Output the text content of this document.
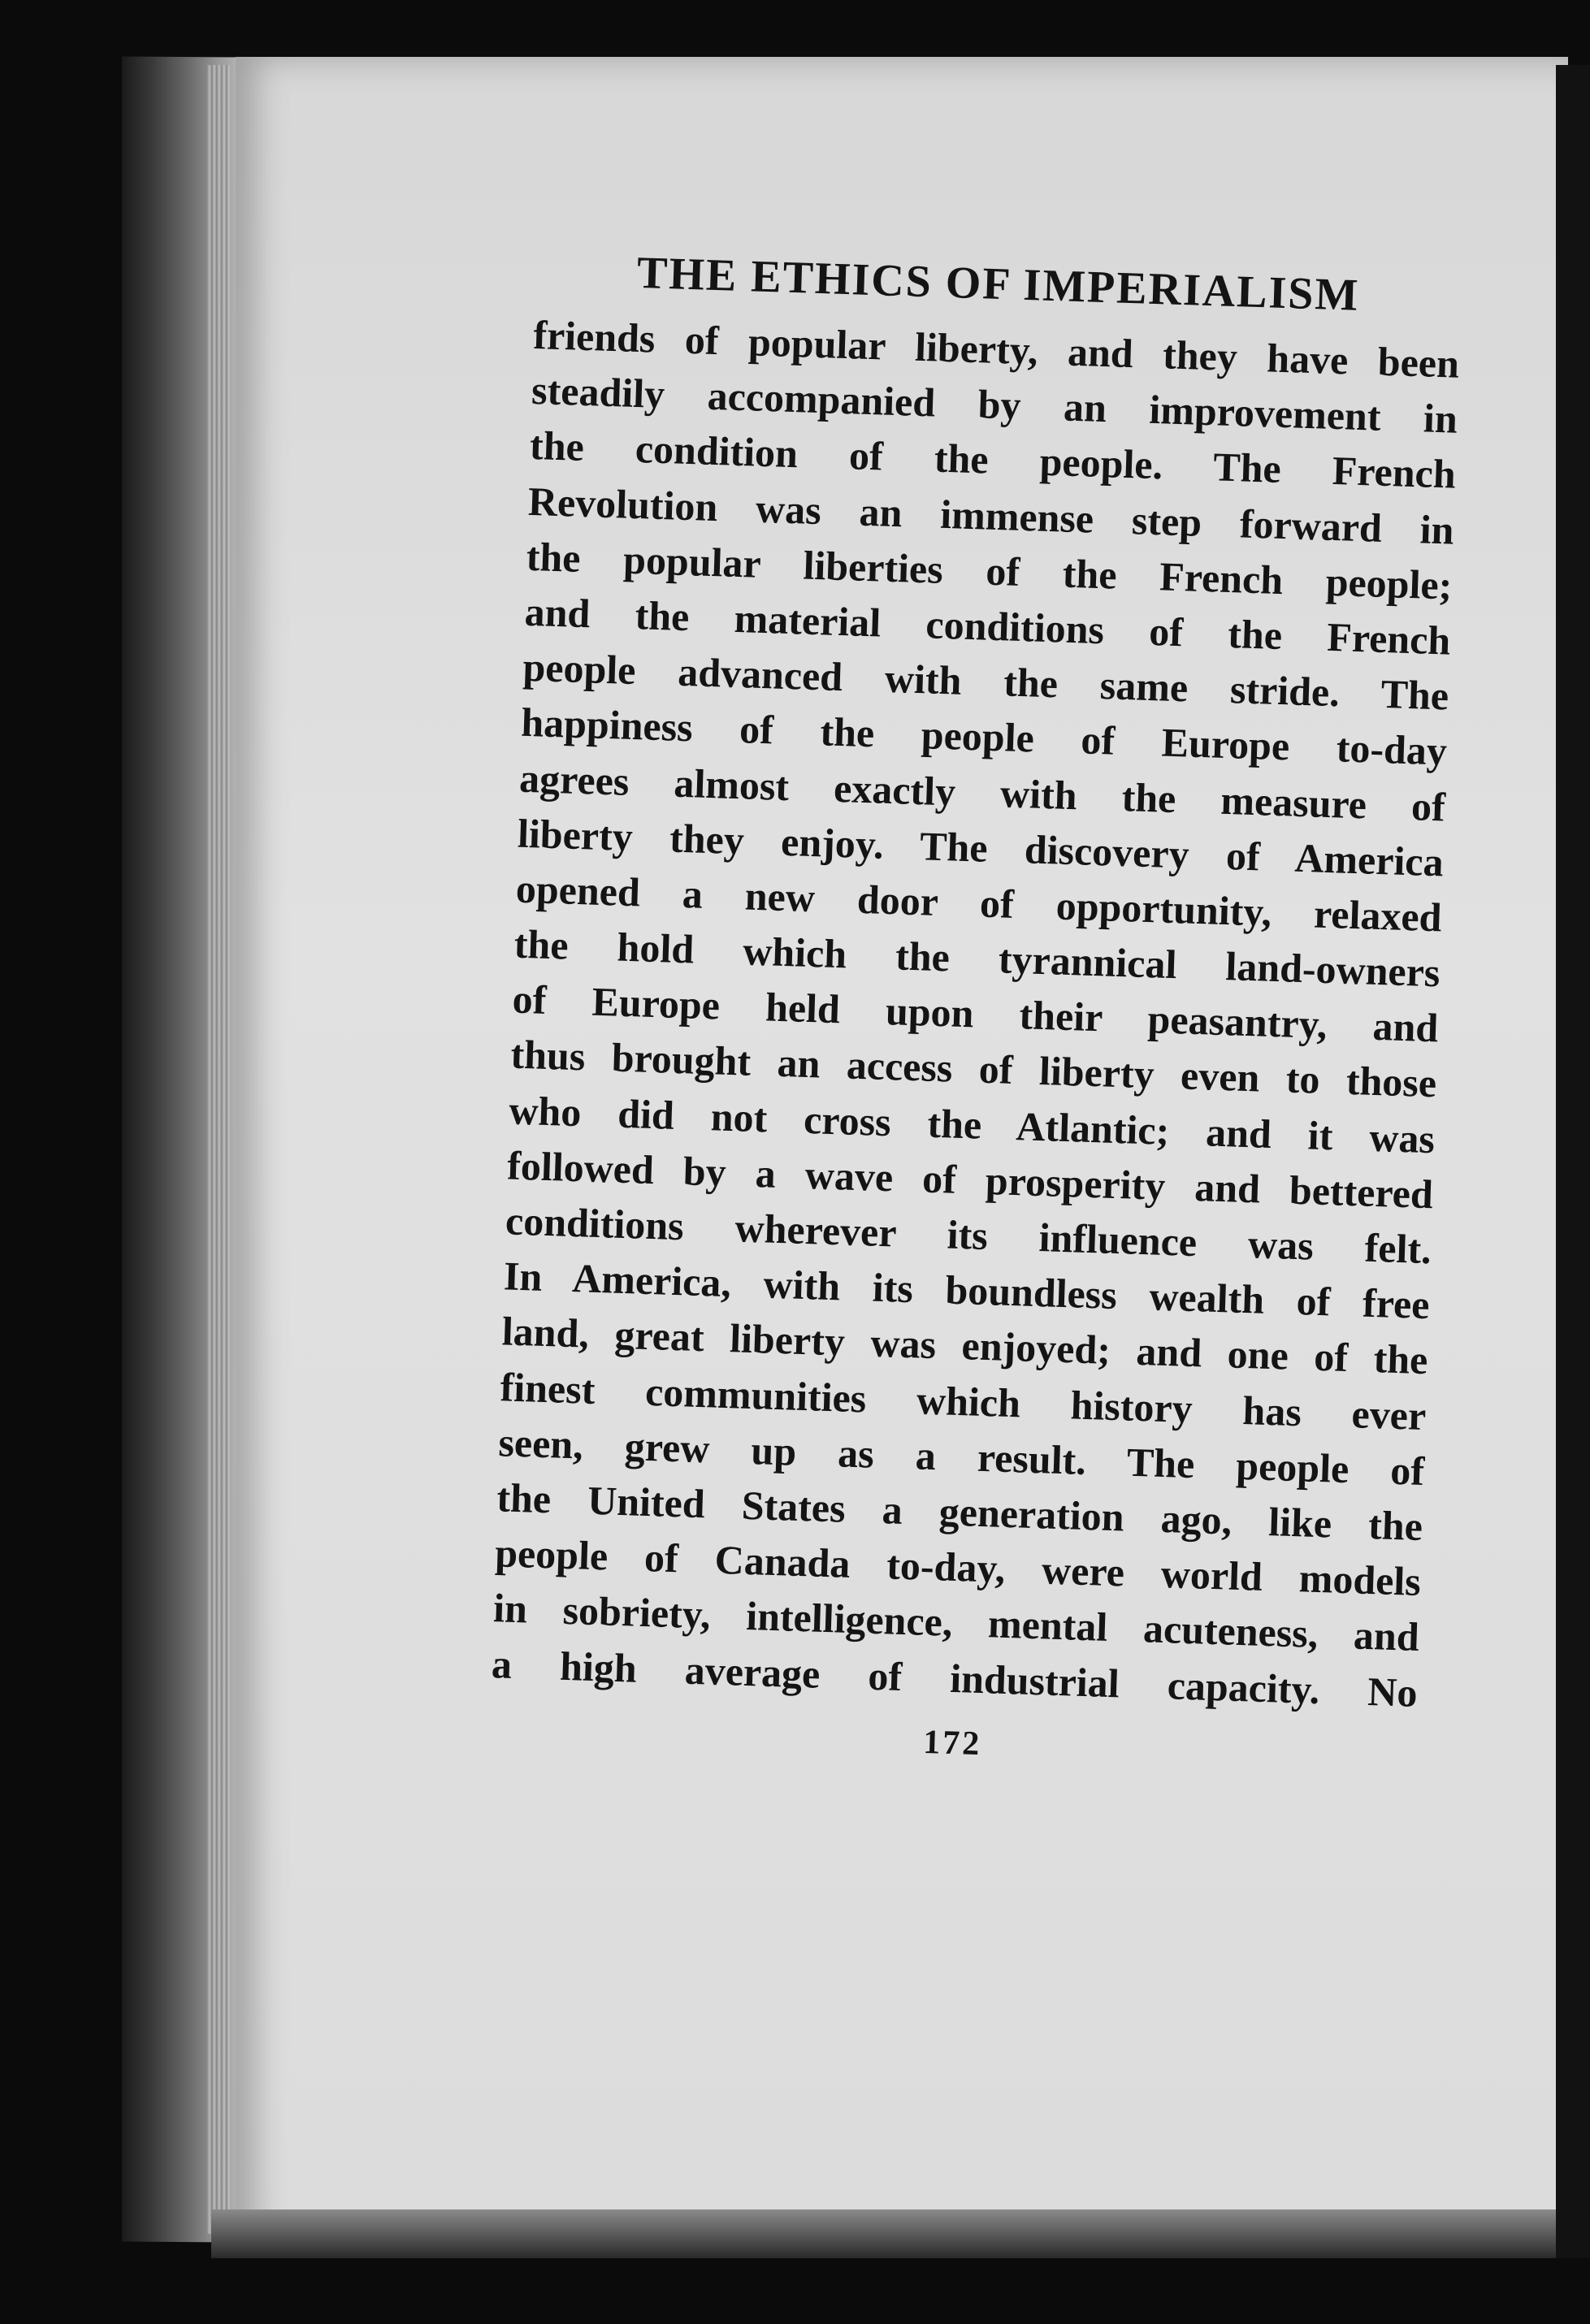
THE ETHICS OF IMPERIALISM
friends of popular liberty, and they have been
steadily accompanied by an improvement in
the condition of the people. The French
Revolution was an immense step forward in
the popular liberties of the French people;
and the material conditions of the French
people advanced with the same stride. The
happiness of the people of Europe to-day
agrees almost exactly with the measure of
liberty they enjoy. The discovery of America
opened a new door of opportunity, relaxed
the hold which the tyrannical land-owners
of Europe held upon their peasantry, and
thus brought an access of liberty even to those
who did not cross the Atlantic; and it was
followed by a wave of prosperity and bettered
conditions wherever its influence was felt.
In America, with its boundless wealth of free
land, great liberty was enjoyed; and one of the
finest communities which history has ever
seen, grew up as a result. The people of
the United States a generation ago, like the
people of Canada to-day, were world models
in sobriety, intelligence, mental acuteness, and
a high average of industrial capacity. No
172
